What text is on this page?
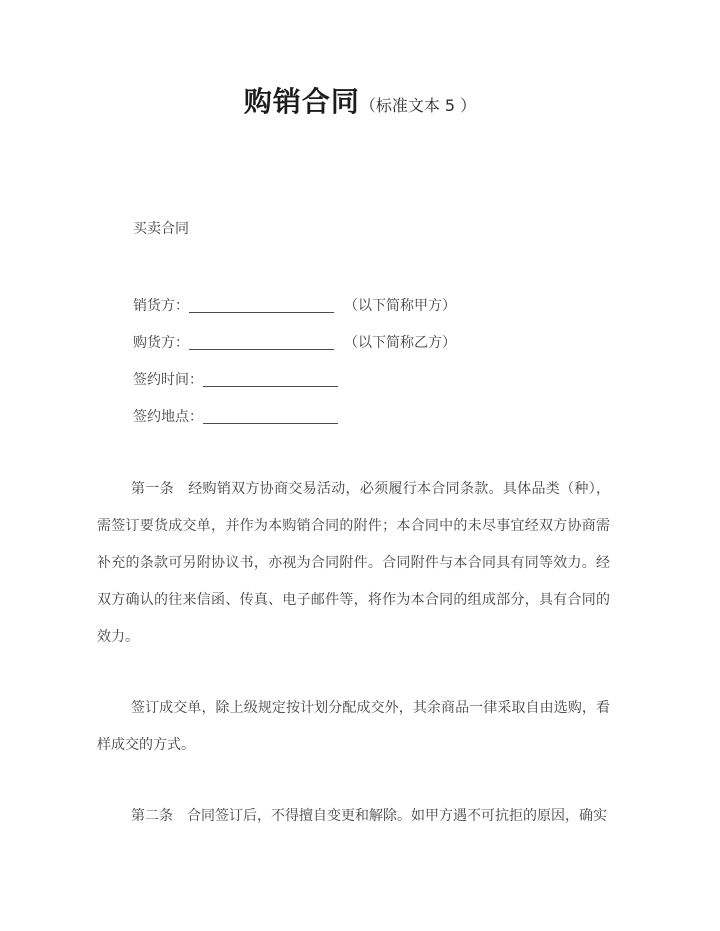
购销合同（标准文本 5 ）
买卖合同
销货方：	（以下简称甲方）
购货方：	（以下简称乙方）
签约时间：
签约地点：

第一条　经购销双方协商交易活动，必须履行本合同条款。具体品类（种），需签订要货成交单，并作为本购销合同的附件；本合同中的未尽事宜经双方协商需补充的条款可另附协议书，亦视为合同附件。合同附件与本合同具有同等效力。经双方确认的往来信函、传真、电子邮件等，将作为本合同的组成部分，具有合同的效力。

签订成交单，除上级规定按计划分配成交外，其余商品一律采取自由选购，看样成交的方式。

第二条　合同签订后，不得擅自变更和解除。如甲方遇不可抗拒的原因，确实
